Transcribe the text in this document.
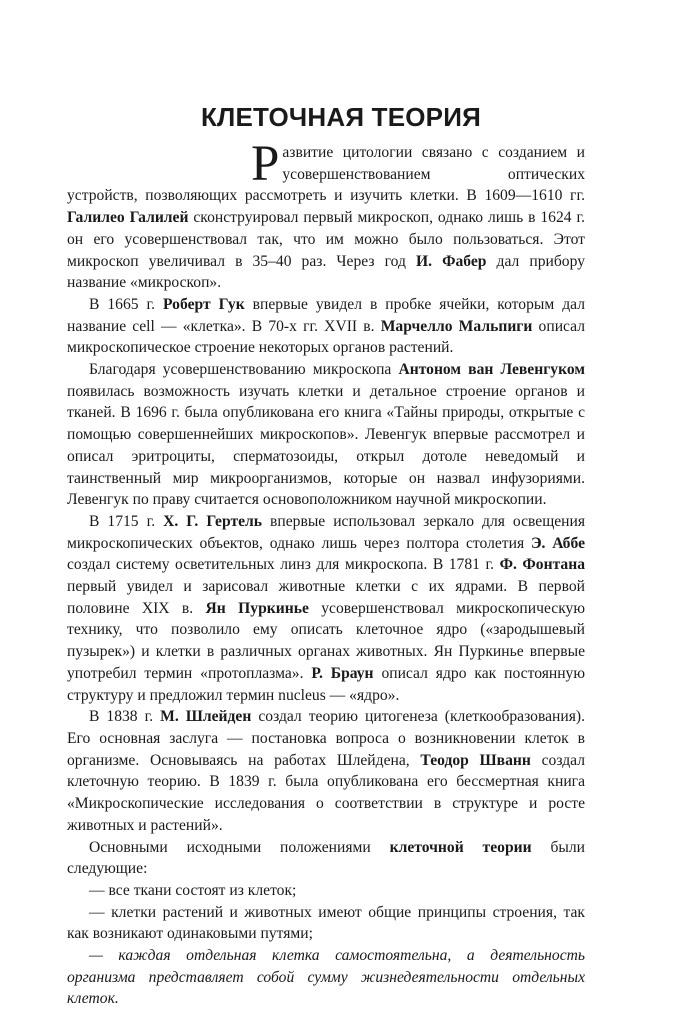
КЛЕТОЧНАЯ ТЕОРИЯ

Развитие цитологии связано с созданием и усовершенствованием оптических устройств, позволяющих рассмотреть и изучить клетки. В 1609—1610 гг. Галилео Галилей сконструировал первый микроскоп, однако лишь в 1624 г. он его усовершенствовал так, что им можно было пользоваться. Этот микроскоп увеличивал в 35–40 раз. Через год И. Фабер дал прибору название «микроскоп».

В 1665 г. Роберт Гук впервые увидел в пробке ячейки, которым дал название cell — «клетка». В 70-х гг. XVII в. Марчелло Мальпиги описал микроскопическое строение некоторых органов растений.

Благодаря усовершенствованию микроскопа Антоном ван Левенгуком появилась возможность изучать клетки и детальное строение органов и тканей. В 1696 г. была опубликована его книга «Тайны природы, открытые с помощью совершеннейших микроскопов». Левенгук впервые рассмотрел и описал эритроциты, сперматозоиды, открыл дотоле неведомый и таинственный мир микроорганизмов, которые он назвал инфузориями. Левенгук по праву считается основоположником научной микроскопии.

В 1715 г. Х. Г. Гертель впервые использовал зеркало для освещения микроскопических объектов, однако лишь через полтора столетия Э. Аббе создал систему осветительных линз для микроскопа. В 1781 г. Ф. Фонтана первый увидел и зарисовал животные клетки с их ядрами. В первой половине XIX в. Ян Пуркинье усовершенствовал микроскопическую технику, что позволило ему описать клеточное ядро («зародышевый пузырек») и клетки в различных органах животных. Ян Пуркинье впервые употребил термин «протоплазма». Р. Браун описал ядро как постоянную структуру и предложил термин nucleus — «ядро».

В 1838 г. М. Шлейден создал теорию цитогенеза (клеткообразования). Его основная заслуга — постановка вопроса о возникновении клеток в организме. Основываясь на работах Шлейдена, Теодор Шванн создал клеточную теорию. В 1839 г. была опубликована его бессмертная книга «Микроскопические исследования о соответствии в структуре и росте животных и растений».

Основными исходными положениями клеточной теории были следующие:

— все ткани состоят из клеток;

— клетки растений и животных имеют общие принципы строения, так как возникают одинаковыми путями;

— каждая отдельная клетка самостоятельна, а деятельность организма представляет собой сумму жизнедеятельности отдельных клеток.
